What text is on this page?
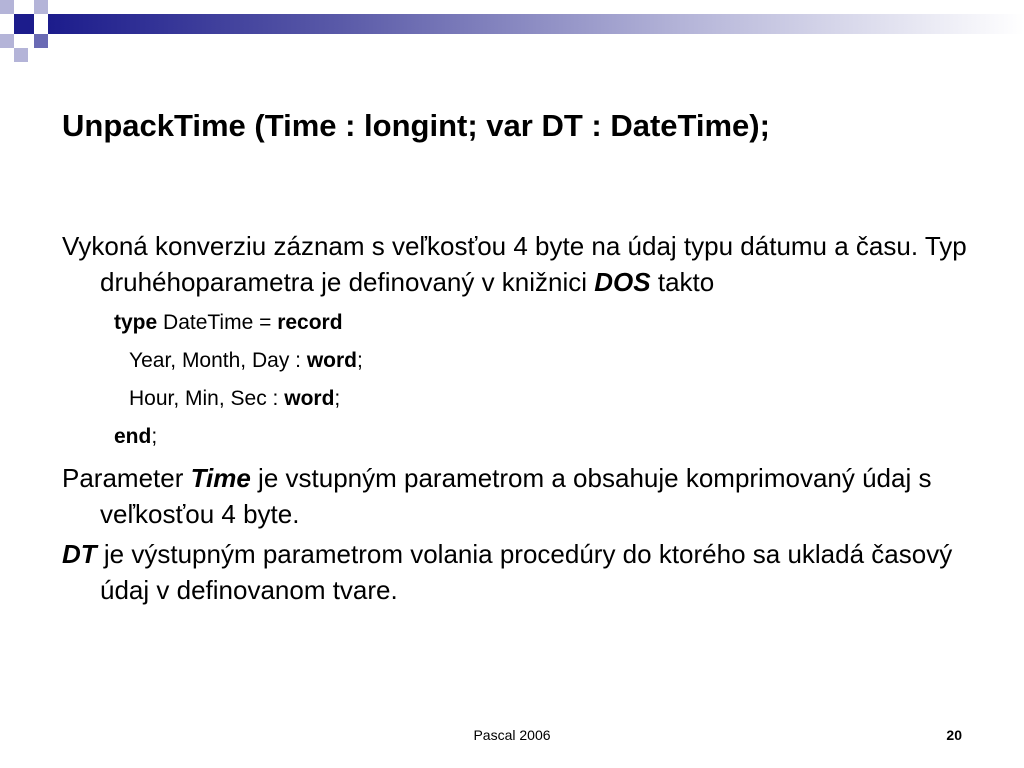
UnpackTime (Time : longint; var DT : DateTime);

Vykoná konverziu záznam s veľkosťou 4 byte na údaj typu dátumu a času. Typ druhéhoparametra je definovaný v knižnici DOS takto

type DateTime = record

Year, Month, Day : word;

Hour, Min, Sec : word;

end;

Parameter Time je vstupným parametrom a obsahuje komprimovaný údaj s veľkosťou 4 byte.

DT je výstupným parametrom volania procedúry do ktorého sa ukladá časový údaj v definovanom tvare.

Pascal 2006	20
